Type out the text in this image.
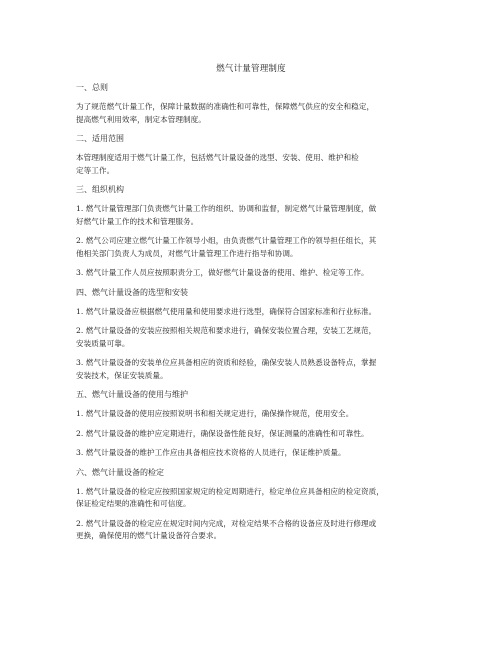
燃气计量管理制度
一、总则
为了规范燃气计量工作，保障计量数据的准确性和可靠性，保障燃气供应的安全和稳定，
提高燃气利用效率，制定本管理制度。
二、适用范围
本管理制度适用于燃气计量工作，包括燃气计量设备的选型、安装、使用、维护和检
定等工作。
三、组织机构
1. 燃气计量管理部门负责燃气计量工作的组织、协调和监督，制定燃气计量管理制度，做
好燃气计量工作的技术和管理服务。
2. 燃气公司应建立燃气计量工作领导小组，由负责燃气计量管理工作的领导担任组长，其
他相关部门负责人为成员，对燃气计量管理工作进行指导和协调。
3. 燃气计量工作人员应按照职责分工，做好燃气计量设备的使用、维护、检定等工作。
四、燃气计量设备的选型和安装
1. 燃气计量设备应根据燃气使用量和使用要求进行选型，确保符合国家标准和行业标准。
2. 燃气计量设备的安装应按照相关规范和要求进行，确保安装位置合理，安装工艺规范，
安装质量可靠。
3. 燃气计量设备的安装单位应具备相应的资质和经验，确保安装人员熟悉设备特点，掌握
安装技术，保证安装质量。
五、燃气计量设备的使用与维护
1. 燃气计量设备的使用应按照说明书和相关规定进行，确保操作规范，使用安全。
2. 燃气计量设备的维护应定期进行，确保设备性能良好，保证测量的准确性和可靠性。
3. 燃气计量设备的维护工作应由具备相应技术资格的人员进行，保证维护质量。
六、燃气计量设备的检定
1. 燃气计量设备的检定应按照国家规定的检定周期进行，检定单位应具备相应的检定资质，
保证检定结果的准确性和可信度。
2. 燃气计量设备的检定应在规定时间内完成，对检定结果不合格的设备应及时进行修理或
更换，确保使用的燃气计量设备符合要求。
